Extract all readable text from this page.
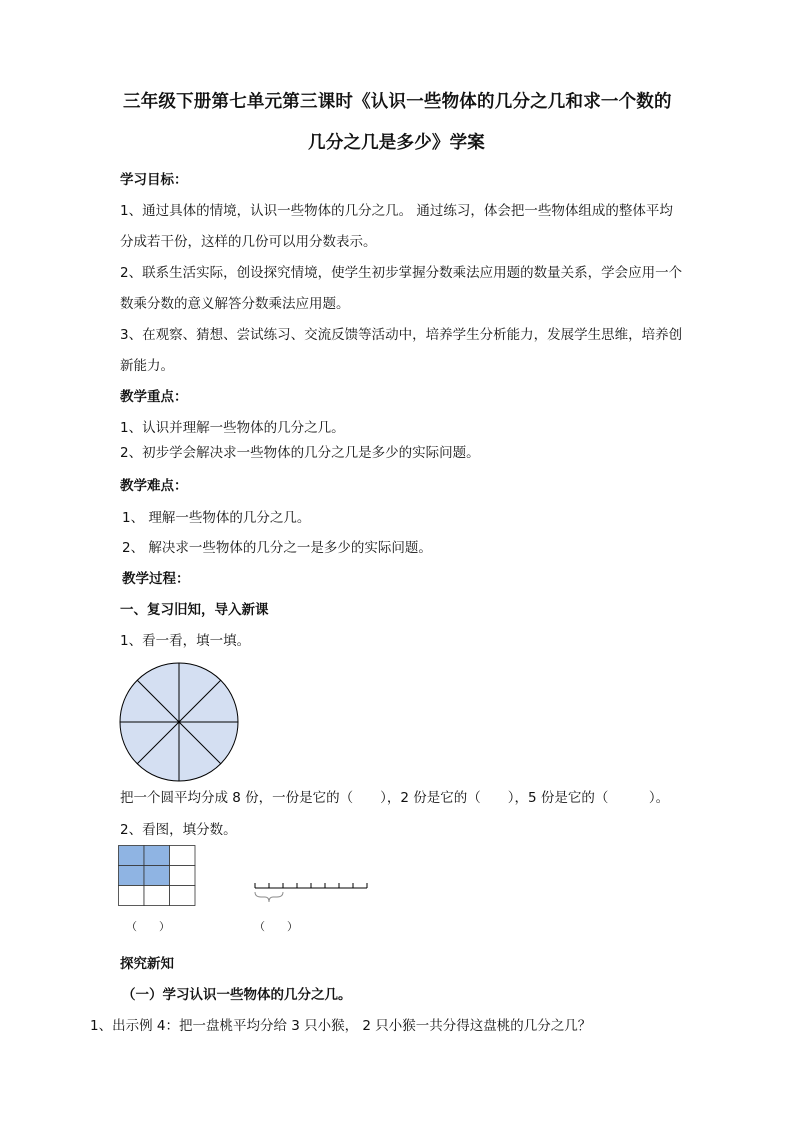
三年级下册第七单元第三课时《认识一些物体的几分之几和求一个数的
几分之几是多少》学案
学习目标：
1、通过具体的情境，认识一些物体的几分之几。 通过练习，体会把一些物体组成的整体平均
分成若干份，这样的几份可以用分数表示。
2、联系生活实际，创设探究情境，使学生初步掌握分数乘法应用题的数量关系，学会应用一个
数乘分数的意义解答分数乘法应用题。
3、在观察、猜想、尝试练习、交流反馈等活动中，培养学生分析能力，发展学生思维，培养创
新能力。
教学重点：
1、认识并理解一些物体的几分之几。
2、初步学会解决求一些物体的几分之几是多少的实际问题。
教学难点：
1、 理解一些物体的几分之几。
2、 解决求一些物体的几分之一是多少的实际问题。
教学过程：
一、复习旧知，导入新课
1、看一看，填一填。
把一个圆平均分成 8 份，一份是它的（　　），2 份是它的（　　），5 份是它的（　　　）。
2、看图，填分数。
（　　）	（　　）
探究新知
（一）学习认识一些物体的几分之几。
1、出示例 4：把一盘桃平均分给 3 只小猴， 2 只小猴一共分得这盘桃的几分之几？
